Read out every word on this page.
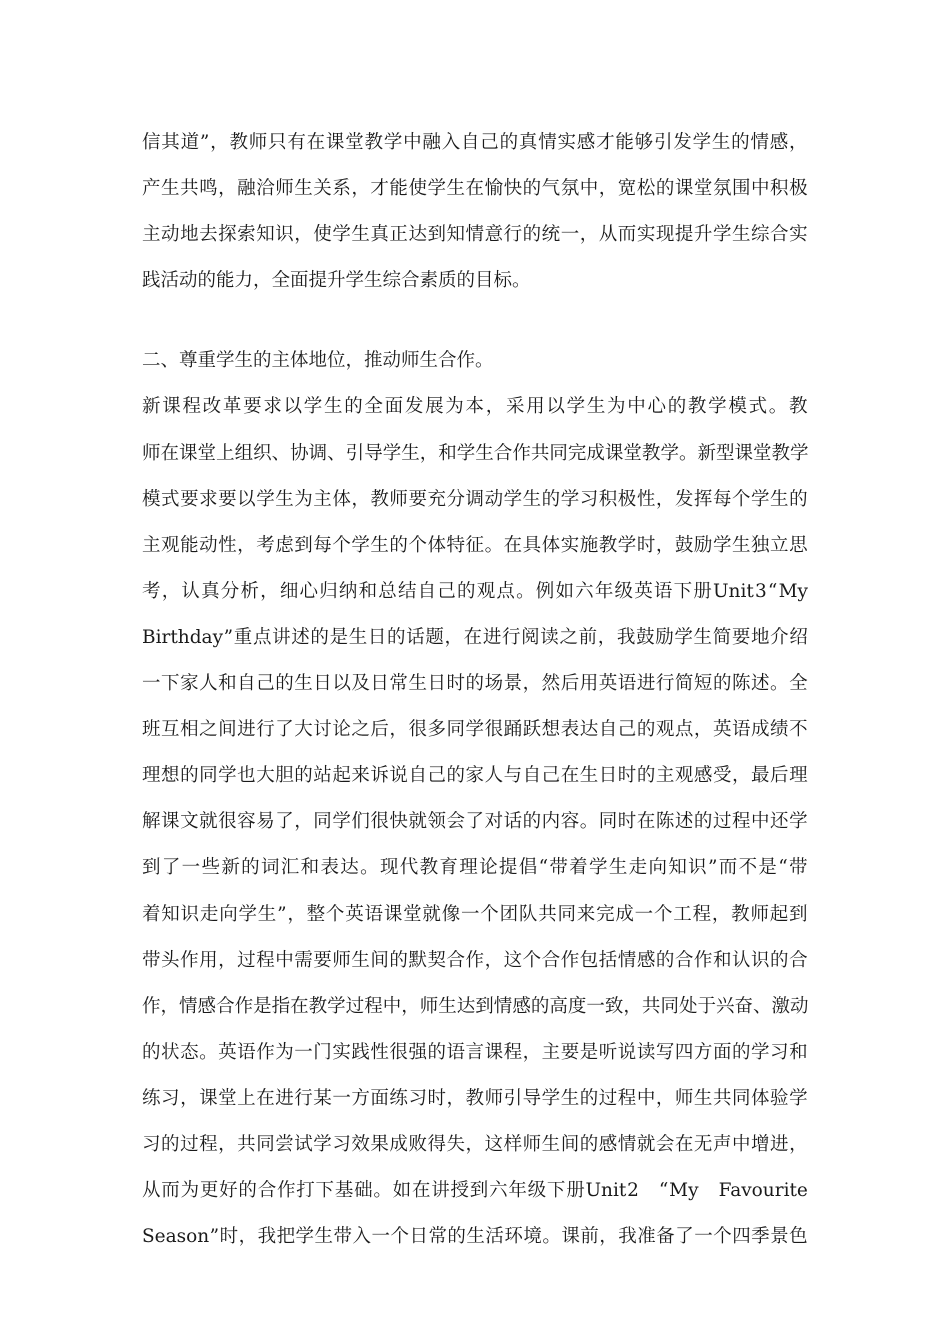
信 其 道 ” ， 教 师 只 有 在 课 堂 教 学 中 融 入 自 己 的 真 情 实 感 才 能 够 引 发 学 生 的 情 感 ，
产 生 共 鸣 ， 融 洽 师 生 关 系 ， 才 能 使 学 生 在 愉 快 的 气 氛 中 ， 宽 松 的 课 堂 氛 围 中 积 极
主 动 地 去 探 索 知 识 ， 使 学 生 真 正 达 到 知 情 意 行 的 统 一 ， 从 而 实 现 提 升 学 生 综 合 实
践活动的能力，全面提升学生综合素质的目标。
二、尊重学生的主体地位，推动师生合作。
新 课 程 改 革 要 求 以 学 生 的 全 面 发 展 为 本 ， 采 用 以 学 生 为 中 心 的 教 学 模 式 。 教
师 在 课 堂 上 组 织 、 协 调 、 引 导 学 生 ， 和 学 生 合 作 共 同 完 成 课 堂 教 学 。 新 型 课 堂 教 学
模 式 要 求 要 以 学 生 为 主 体 ， 教 师 要 充 分 调 动 学 生 的 学 习 积 极 性 ， 发 挥 每 个 学 生 的
主 观 能 动 性 ， 考 虑 到 每 个 学 生 的 个 体 特 征 。 在 具 体 实 施 教 学 时 ， 鼓 励 学 生 独 立 思
考 ， 认 真 分 析 ， 细 心 归 纳 和 总 结 自 己 的 观 点 。 例 如 六 年 级 英 语 下 册 Unit 3 “ My
Birthday ” 重 点 讲 述 的 是 生 日 的 话 题 ， 在 进 行 阅 读 之 前 ， 我 鼓 励 学 生 简 要 地 介 绍
一 下 家 人 和 自 己 的 生 日 以 及 日 常 生 日 时 的 场 景 ， 然 后 用 英 语 进 行 简 短 的 陈 述 。 全
班 互 相 之 间 进 行 了 大 讨 论 之 后 ， 很 多 同 学 很 踊 跃 想 表 达 自 己 的 观 点 ， 英 语 成 绩 不
理 想 的 同 学 也 大 胆 的 站 起 来 诉 说 自 己 的 家 人 与 自 己 在 生 日 时 的 主 观 感 受 ， 最 后 理
解 课 文 就 很 容 易 了 ， 同 学 们 很 快 就 领 会 了 对 话 的 内 容 。 同 时 在 陈 述 的 过 程 中 还 学
到 了 一 些 新 的 词 汇 和 表 达 。 现 代 教 育 理 论 提 倡 “ 带 着 学 生 走 向 知 识 ” 而 不 是 “ 带
着 知 识 走 向 学 生 ” ， 整 个 英 语 课 堂 就 像 一 个 团 队 共 同 来 完 成 一 个 工 程 ， 教 师 起 到
带 头 作 用 ， 过 程 中 需 要 师 生 间 的 默 契 合 作 ， 这 个 合 作 包 括 情 感 的 合 作 和 认 识 的 合
作 ， 情 感 合 作 是 指 在 教 学 过 程 中 ， 师 生 达 到 情 感 的 高 度 一 致 ， 共 同 处 于 兴 奋 、 激 动
的 状 态 。 英 语 作 为 一 门 实 践 性 很 强 的 语 言 课 程 ， 主 要 是 听 说 读 写 四 方 面 的 学 习 和
练 习 ， 课 堂 上 在 进 行 某 一 方 面 练 习 时 ， 教 师 引 导 学 生 的 过 程 中 ， 师 生 共 同 体 验 学
习 的 过 程 ， 共 同 尝 试 学 习 效 果 成 败 得 失 ， 这 样 师 生 间 的 感 情 就 会 在 无 声 中 增 进 ，
从 而 为 更 好 的 合 作 打 下 基 础 。 如 在 讲 授 到 六 年 级 下 册 Unit 2
　 “ My
　 Favourite
Season ” 时 ， 我 把 学 生 带 入 一 个 日 常 的 生 活 环 境 。 课 前 ， 我 准 备 了 一 个 四 季 景 色
